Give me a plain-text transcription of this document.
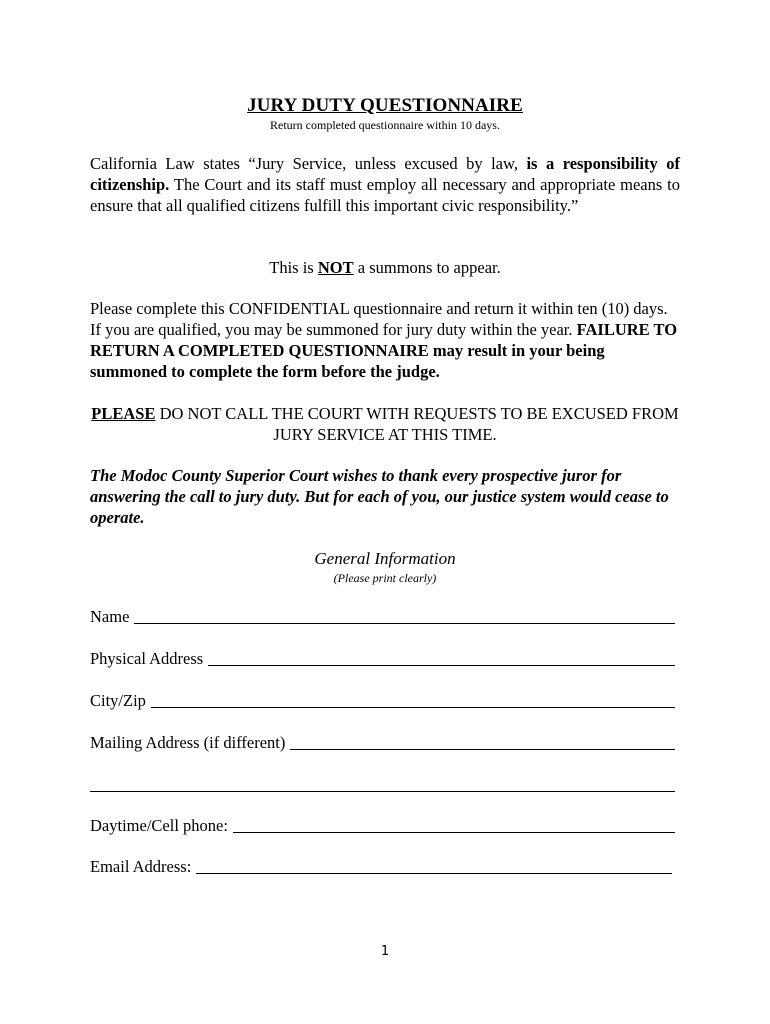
JURY DUTY QUESTIONNAIRE
Return completed questionnaire within 10 days.
California Law states “Jury Service, unless excused by law, is a responsibility of citizenship. The Court and its staff must employ all necessary and appropriate means to ensure that all qualified citizens fulfill this important civic responsibility.”
This is NOT a summons to appear.
Please complete this CONFIDENTIAL questionnaire and return it within ten (10) days. If you are qualified, you may be summoned for jury duty within the year. FAILURE TO RETURN A COMPLETED QUESTIONNAIRE may result in your being summoned to complete the form before the judge.
PLEASE DO NOT CALL THE COURT WITH REQUESTS TO BE EXCUSED FROM JURY SERVICE AT THIS TIME.
The Modoc County Superior Court wishes to thank every prospective juror for answering the call to jury duty. But for each of you, our justice system would cease to operate.
General Information
(Please print clearly)
Name
Physical Address
City/Zip
Mailing Address (if different)
Daytime/Cell phone:
Email Address:
1
